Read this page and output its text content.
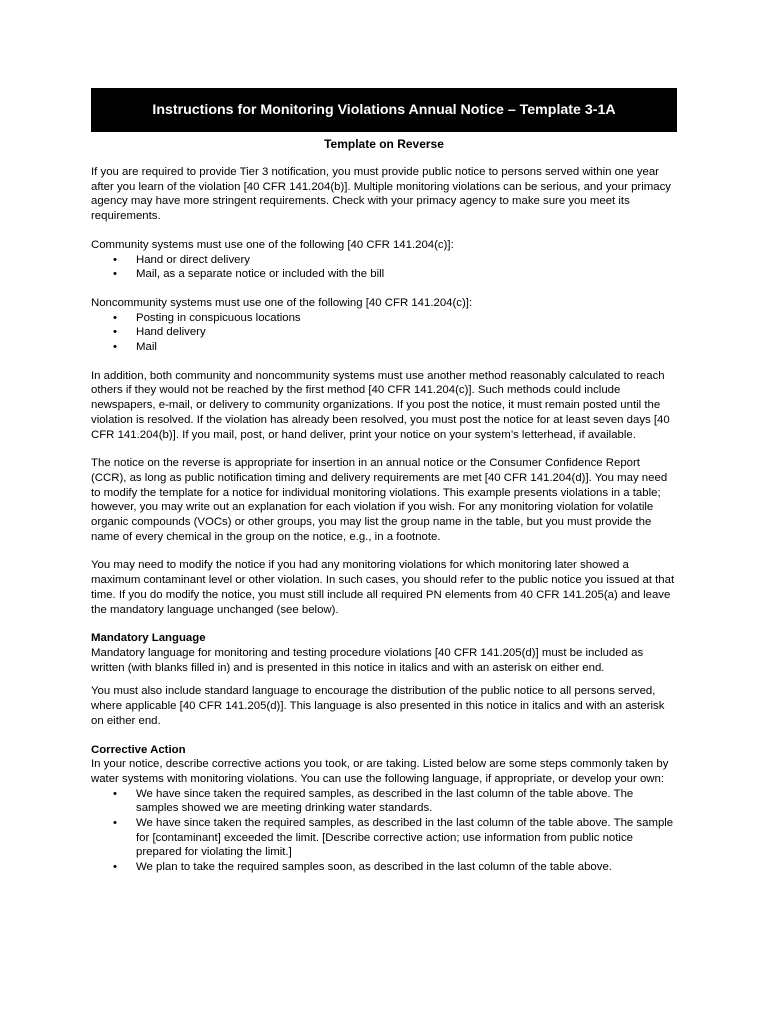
Instructions for Monitoring Violations Annual Notice – Template 3-1A
Template on Reverse

If you are required to provide Tier 3 notification, you must provide public notice to persons served within one year after you learn of the violation [40 CFR 141.204(b)]. Multiple monitoring violations can be serious, and your primacy agency may have more stringent requirements. Check with your primacy agency to make sure you meet its requirements.

Community systems must use one of the following [40 CFR 141.204(c)]:

• Hand or direct delivery
• Mail, as a separate notice or included with the bill

Noncommunity systems must use one of the following [40 CFR 141.204(c)]:

• Posting in conspicuous locations
• Hand delivery
• Mail

In addition, both community and noncommunity systems must use another method reasonably calculated to reach others if they would not be reached by the first method [40 CFR 141.204(c)]. Such methods could include newspapers, e-mail, or delivery to community organizations. If you post the notice, it must remain posted until the violation is resolved. If the violation has already been resolved, you must post the notice for at least seven days [40 CFR 141.204(b)]. If you mail, post, or hand deliver, print your notice on your system’s letterhead, if available.

The notice on the reverse is appropriate for insertion in an annual notice or the Consumer Confidence Report (CCR), as long as public notification timing and delivery requirements are met [40 CFR 141.204(d)]. You may need to modify the template for a notice for individual monitoring violations. This example presents violations in a table; however, you may write out an explanation for each violation if you wish. For any monitoring violation for volatile organic compounds (VOCs) or other groups, you may list the group name in the table, but you must provide the name of every chemical in the group on the notice, e.g., in a footnote.

You may need to modify the notice if you had any monitoring violations for which monitoring later showed a maximum contaminant level or other violation. In such cases, you should refer to the public notice you issued at that time. If you do modify the notice, you must still include all required PN elements from 40 CFR 141.205(a) and leave the mandatory language unchanged (see below).

Mandatory Language

Mandatory language for monitoring and testing procedure violations [40 CFR 141.205(d)] must be included as written (with blanks filled in) and is presented in this notice in italics and with an asterisk on either end.

You must also include standard language to encourage the distribution of the public notice to all persons served, where applicable [40 CFR 141.205(d)]. This language is also presented in this notice in italics and with an asterisk on either end.

Corrective Action

In your notice, describe corrective actions you took, or are taking. Listed below are some steps commonly taken by water systems with monitoring violations. You can use the following language, if appropriate, or develop your own:

• We have since taken the required samples, as described in the last column of the table above. The samples showed we are meeting drinking water standards.
• We have since taken the required samples, as described in the last column of the table above. The sample for [contaminant] exceeded the limit. [Describe corrective action; use information from public notice prepared for violating the limit.]
• We plan to take the required samples soon, as described in the last column of the table above.
